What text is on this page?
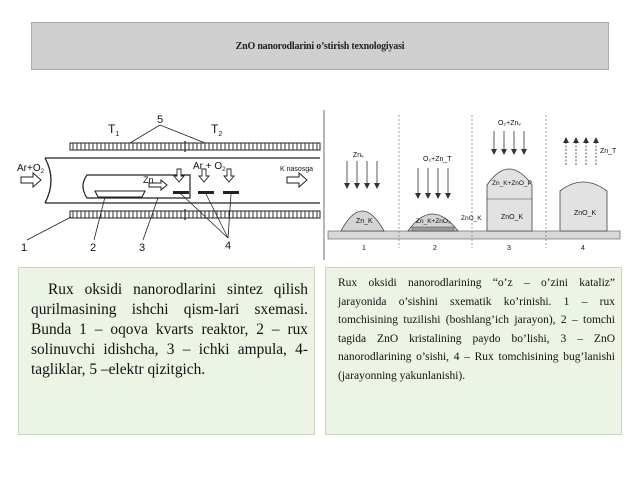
ZnO nanorodlarini o’stirish texnologiyasi
5
$T_1$	$T_2$
$Ar+O_2$	$Ar + O_2$	K nasosga
Zn
1	2	3	4
O₂+Znᵥ
Znᵥ
O₂+Zn_T
Zn_T
Zn_K	Zn_K+ZnO₃ ZnO_K
Zn_K+ZnO_P
ZnO_K
ZnO_K
1	2	3	4

Rux oksidi nanorodlarini sintez qilish qurilmasining ishchi qism-lari sxemasi. Bunda 1 – oqova kvarts reaktor, 2 – rux solinuvchi idishcha, 3 – ichki ampula, 4-tagliklar, 5 –elektr qizitgich.

Rux oksidi nanorodlarining “o’z – o’zini kataliz” jarayonida o’sishini sxematik ko’rinishi. 1 – rux tomchisining tuzilishi (boshlang’ich jarayon), 2 – tomchi tagida ZnO kristalining paydo bo’lishi, 3 – ZnO nanorodlarining o’sishi, 4 – Rux tomchisining bug’lanishi (jarayonning yakunlanishi).
